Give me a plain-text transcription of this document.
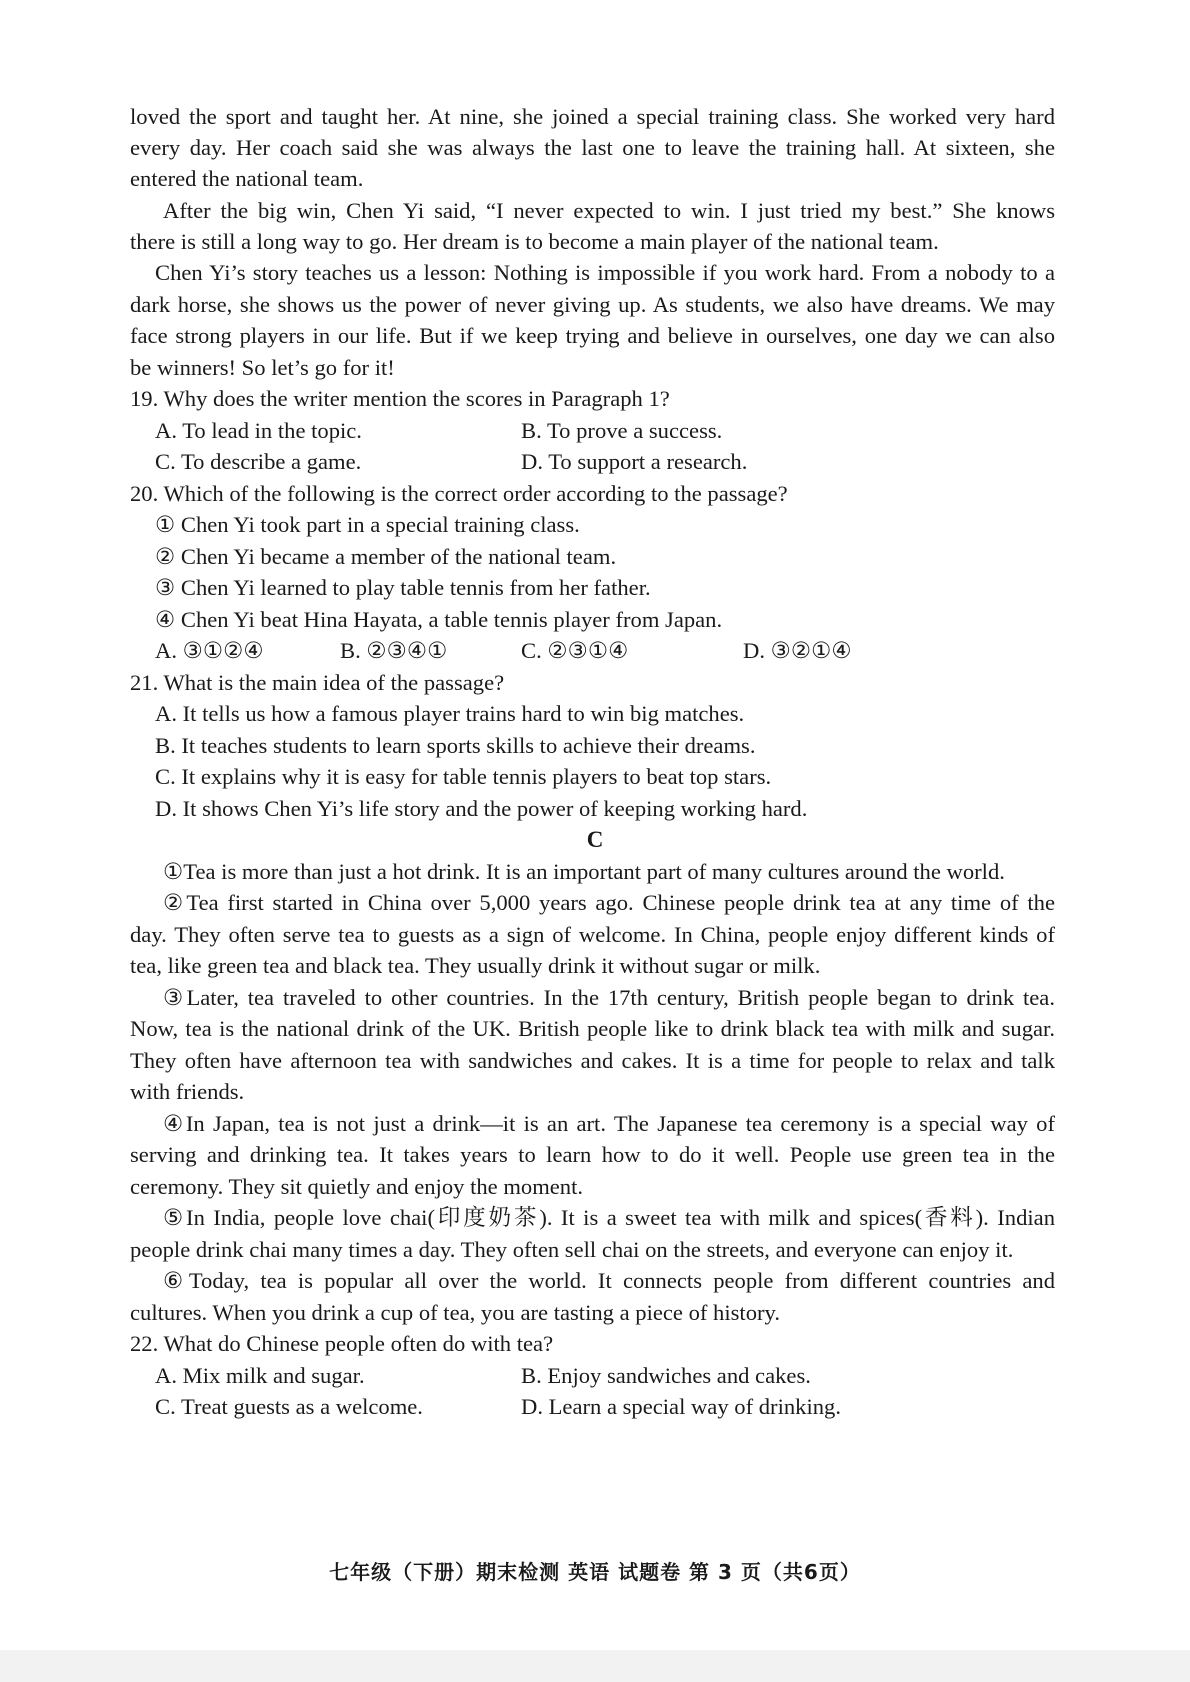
loved the sport and taught her. At nine, she joined a special training class. She worked very hard
every day. Her coach said she was always the last one to leave the training hall. At sixteen, she
entered the national team.
After the big win, Chen Yi said, “I never expected to win. I just tried my best.” She knows
there is still a long way to go. Her dream is to become a main player of the national team.
Chen Yi’s story teaches us a lesson: Nothing is impossible if you work hard. From a nobody to a
dark horse, she shows us the power of never giving up. As students, we also have dreams. We may
face strong players in our life. But if we keep trying and believe in ourselves, one day we can also
be winners! So let’s go for it!
19. Why does the writer mention the scores in Paragraph 1?
A. To lead in the topic.	B. To prove a success.
C. To describe a game.	D. To support a research.
20. Which of the following is the correct order according to the passage?
① Chen Yi took part in a special training class.
② Chen Yi became a member of the national team.
③ Chen Yi learned to play table tennis from her father.
④ Chen Yi beat Hina Hayata, a table tennis player from Japan.
A. ③①②④	B. ②③④①	C. ②③①④	D. ③②①④
21. What is the main idea of the passage?
A. It tells us how a famous player trains hard to win big matches.
B. It teaches students to learn sports skills to achieve their dreams.
C. It explains why it is easy for table tennis players to beat top stars.
D. It shows Chen Yi’s life story and the power of keeping working hard.
C
①Tea is more than just a hot drink. It is an important part of many cultures around the world.
②Tea first started in China over 5,000 years ago. Chinese people drink tea at any time of the
day. They often serve tea to guests as a sign of welcome. In China, people enjoy different kinds of
tea, like green tea and black tea. They usually drink it without sugar or milk.
③Later, tea traveled to other countries. In the 17th century, British people began to drink tea.
Now, tea is the national drink of the UK. British people like to drink black tea with milk and sugar.
They often have afternoon tea with sandwiches and cakes. It is a time for people to relax and talk
with friends.
④In Japan, tea is not just a drink—it is an art. The Japanese tea ceremony is a special way of
serving and drinking tea. It takes years to learn how to do it well. People use green tea in the
ceremony. They sit quietly and enjoy the moment.
⑤In India, people love chai(印度奶茶). It is a sweet tea with milk and spices(香料). Indian
people drink chai many times a day. They often sell chai on the streets, and everyone can enjoy it.
⑥Today, tea is popular all over the world. It connects people from different countries and
cultures. When you drink a cup of tea, you are tasting a piece of history.
22. What do Chinese people often do with tea?
A. Mix milk and sugar.	B. Enjoy sandwiches and cakes.
C. Treat guests as a welcome.	D. Learn a special way of drinking.
七年级（下册）期末检测 英语 试题卷 第 3 页（共6页）
